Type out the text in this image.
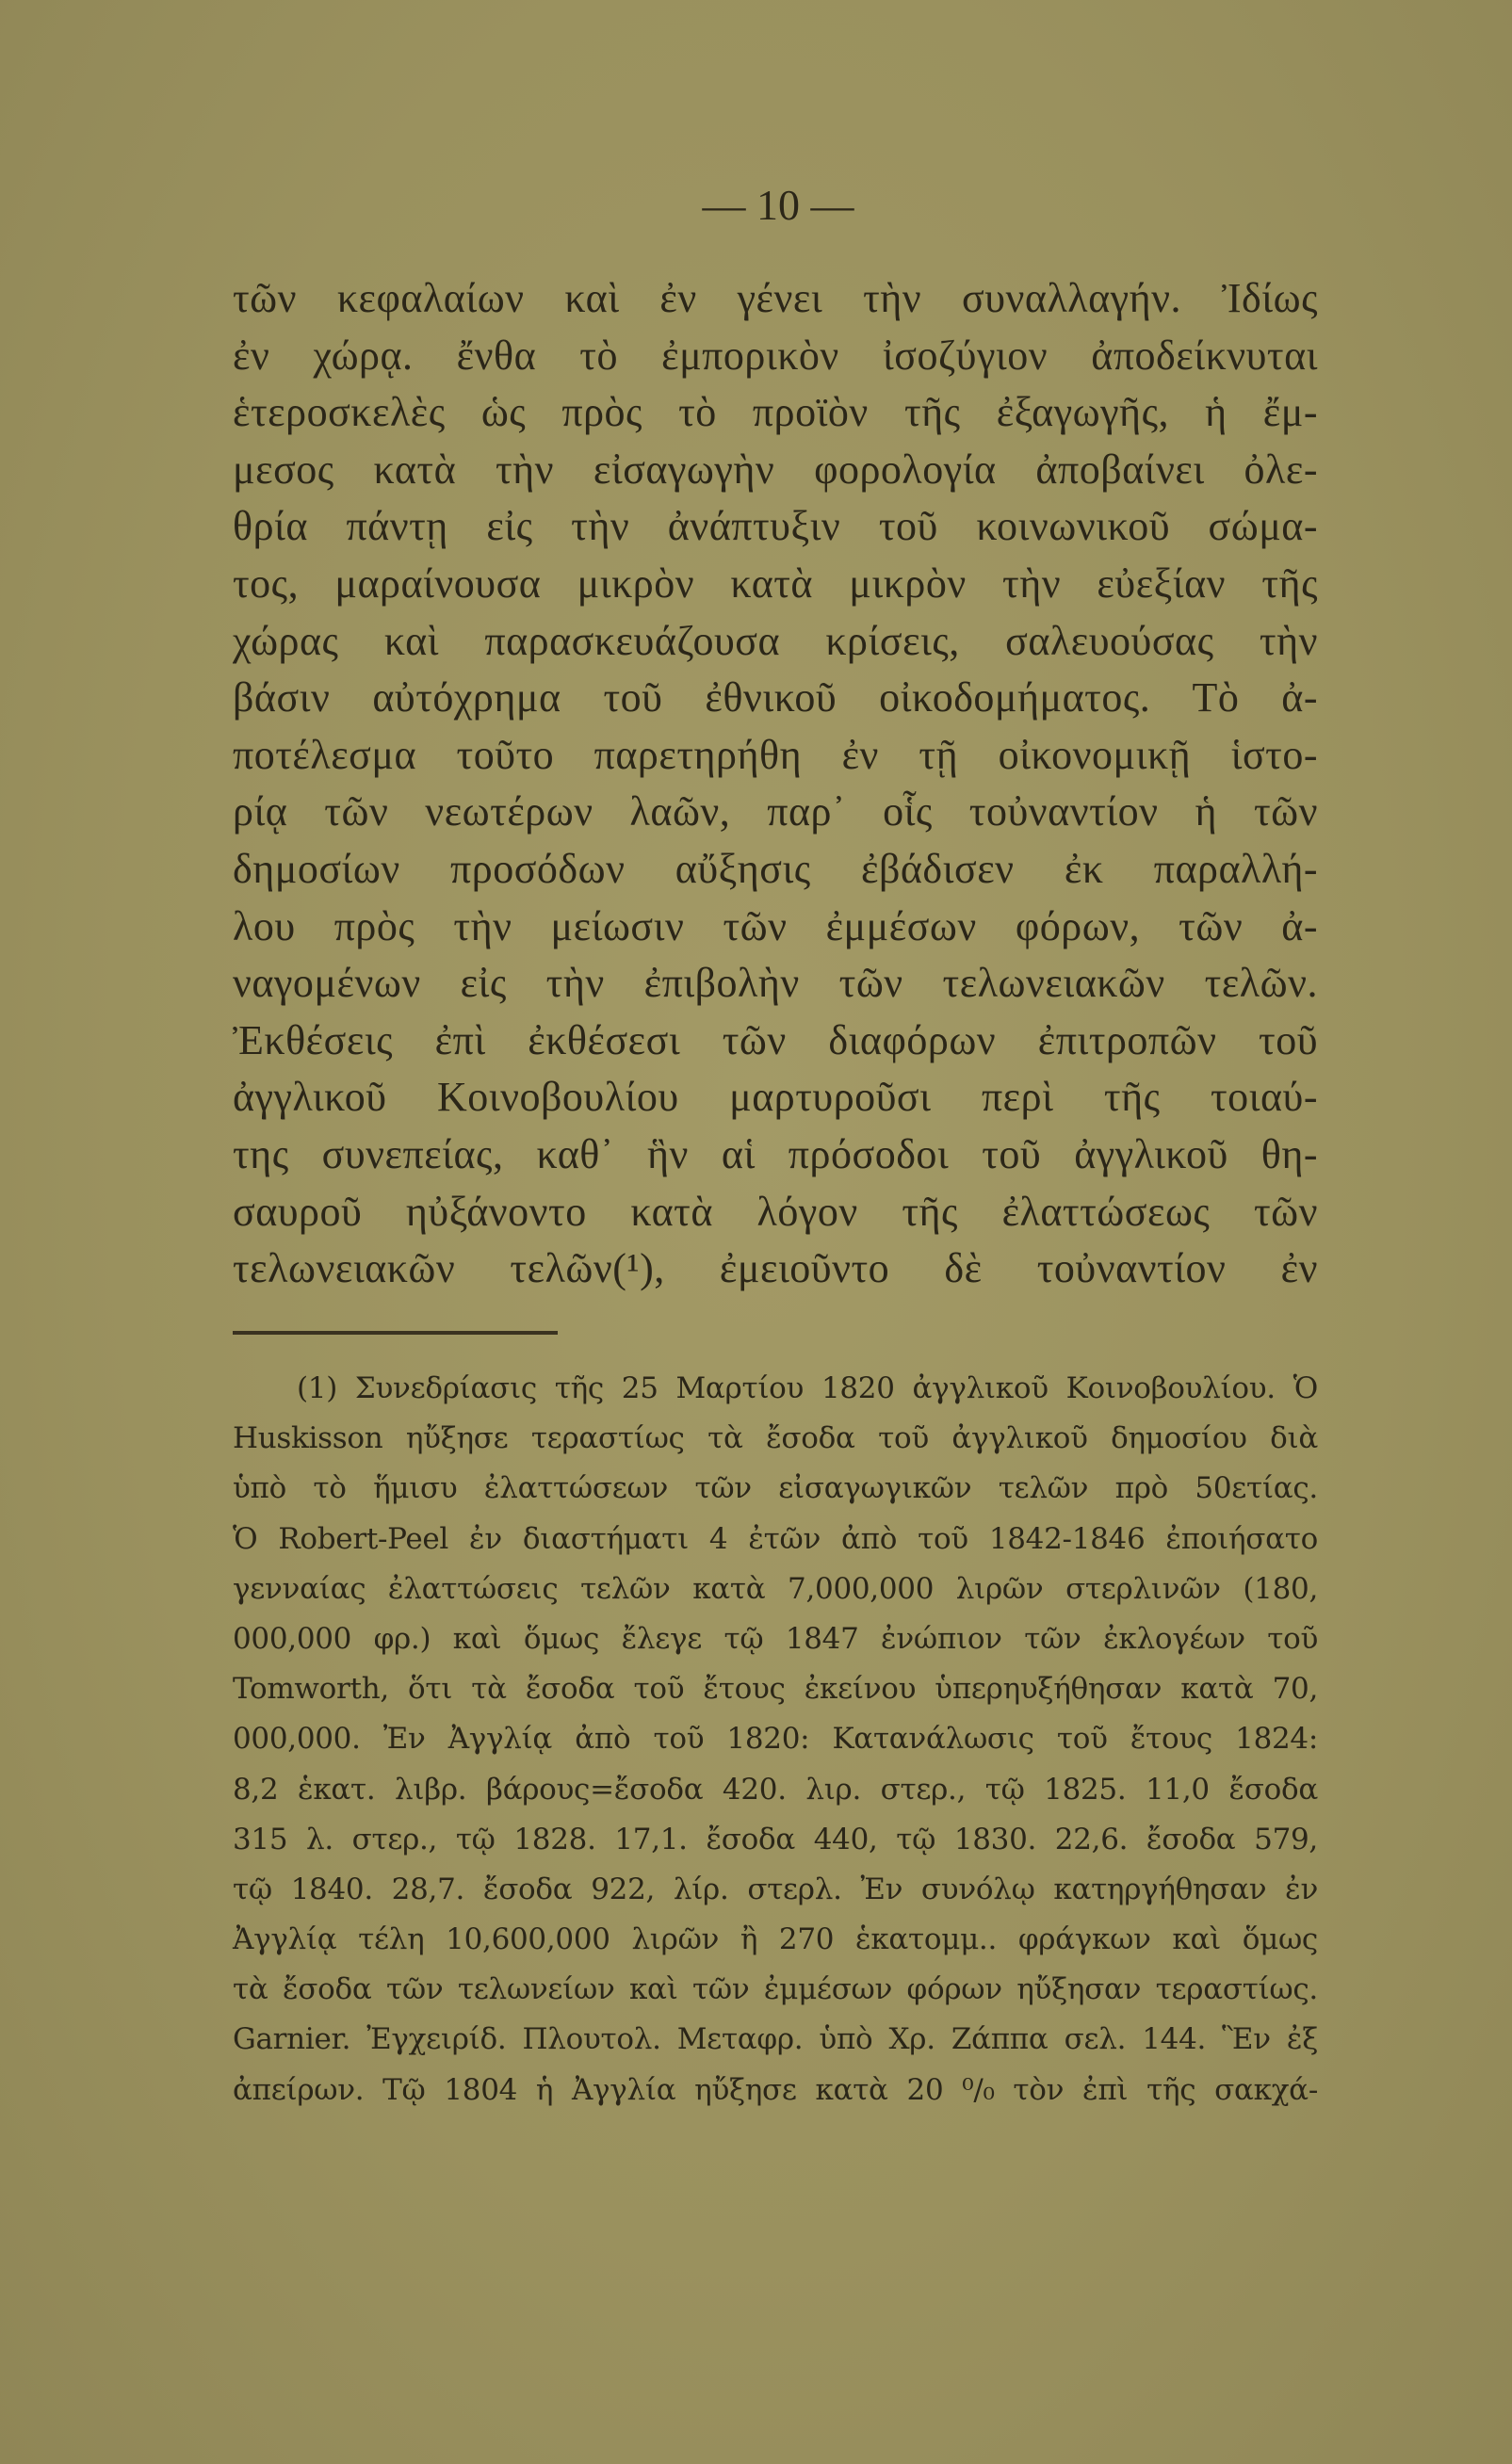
— 10 —
τῶν κεφαλαίων καὶ ἐν γένει τὴν συναλλαγήν. Ἰδίως
ἐν χώρᾳ. ἔνθα τὸ ἐμπορικὸν ἰσοζύγιον ἀποδείκνυται
ἑτεροσκελὲς ὡς πρὸς τὸ προϊὸν τῆς ἐξαγωγῆς, ἡ ἔμ-
μεσος κατὰ τὴν εἰσαγωγὴν φορολογία ἀποβαίνει ὀλε-
θρία πάντῃ εἰς τὴν ἀνάπτυξιν τοῦ κοινωνικοῦ σώμα-
τος, μαραίνουσα μικρὸν κατὰ μικρὸν τὴν εὐεξίαν τῆς
χώρας καὶ παρασκευάζουσα κρίσεις, σαλευούσας τὴν
βάσιν αὐτόχρημα τοῦ ἐθνικοῦ οἰκοδομήματος. Τὸ ἀ-
ποτέλεσμα τοῦτο παρετηρήθη ἐν τῇ οἰκονομικῇ ἱστο-
ρίᾳ τῶν νεωτέρων λαῶν, παρ᾿ οἷς τοὐναντίον ἡ τῶν
δημοσίων προσόδων αὔξησις ἐβάδισεν ἐκ παραλλή-
λου πρὸς τὴν μείωσιν τῶν ἐμμέσων φόρων, τῶν ἀ-
ναγομένων εἰς τὴν ἐπιβολὴν τῶν τελωνειακῶν τελῶν.
Ἐκθέσεις ἐπὶ ἐκθέσεσι τῶν διαφόρων ἐπιτροπῶν τοῦ
ἀγγλικοῦ Κοινοβουλίου μαρτυροῦσι περὶ τῆς τοιαύ-
της συνεπείας, καθ᾿ ἣν αἱ πρόσοδοι τοῦ ἀγγλικοῦ θη-
σαυροῦ ηὐξάνοντο κατὰ λόγον τῆς ἐλαττώσεως τῶν
τελωνειακῶν τελῶν(¹), ἐμειοῦντο δὲ τοὐναντίον ἐν
(1) Συνεδρίασις τῆς 25 Μαρτίου 1820 ἀγγλικοῦ Κοινοβουλίου. Ὁ
Huskisson ηὔξησε τεραστίως τὰ ἔσοδα τοῦ ἀγγλικοῦ δημοσίου διὰ
ὑπὸ τὸ ἥμισυ ἐλαττώσεων τῶν εἰσαγωγικῶν τελῶν πρὸ 50ετίας.
Ὁ Robert-Peel ἐν διαστήματι 4 ἐτῶν ἀπὸ τοῦ 1842-1846 ἐποιήσατο
γενναίας ἐλαττώσεις τελῶν κατὰ 7,000,000 λιρῶν στερλινῶν (180,
000,000 φρ.) καὶ ὅμως ἔλεγε τῷ 1847 ἐνώπιον τῶν ἐκλογέων τοῦ
Tomworth, ὅτι τὰ ἔσοδα τοῦ ἔτους ἐκείνου ὑπερηυξήθησαν κατὰ 70,
000,000. Ἐν Ἀγγλίᾳ ἀπὸ τοῦ 1820: Κατανάλωσις τοῦ ἔτους 1824:
8,2 ἑκατ. λιβρ. βάρους=ἔσοδα 420. λιρ. στερ., τῷ 1825. 11,0 ἔσοδα
315 λ. στερ., τῷ 1828. 17,1. ἔσοδα 440, τῷ 1830. 22,6. ἔσοδα 579,
τῷ 1840. 28,7. ἔσοδα 922, λίρ. στερλ. Ἐν συνόλῳ κατηργήθησαν ἐν
Ἀγγλίᾳ τέλη 10,600,000 λιρῶν ἢ 270 ἑκατομμ.. φράγκων καὶ ὅμως
τὰ ἔσοδα τῶν τελωνείων καὶ τῶν ἐμμέσων φόρων ηὔξησαν τεραστίως.
Garnier. Ἐγχειρίδ. Πλουτολ. Μεταφρ. ὑπὸ Χρ. Ζάππα σελ. 144. Ἓν ἐξ
ἀπείρων. Τῷ 1804 ἡ Ἀγγλία ηὔξησε κατὰ 20 ⁰/₀ τὸν ἐπὶ τῆς σακχά-
